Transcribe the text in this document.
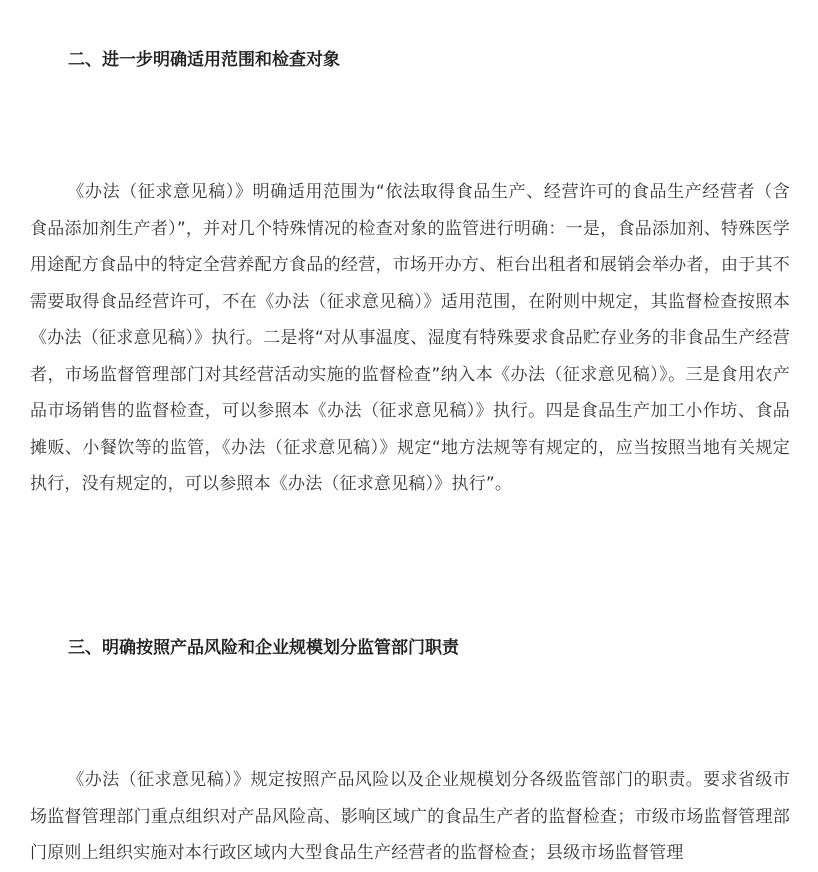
二、进一步明确适用范围和检查对象

《办法（征求意见稿）》明确适用范围为“依法取得食品生产、经营许可的食品生产经营者（含食品添加剂生产者）”，并对几个特殊情况的检查对象的监管进行明确：一是，食品添加剂、特殊医学用途配方食品中的特定全营养配方食品的经营，市场开办方、柜台出租者和展销会举办者，由于其不需要取得食品经营许可，不在《办法（征求意见稿）》适用范围，在附则中规定，其监督检查按照本《办法（征求意见稿）》执行。二是将“对从事温度、湿度有特殊要求食品贮存业务的非食品生产经营者，市场监督管理部门对其经营活动实施的监督检查”纳入本《办法（征求意见稿）》。三是食用农产品市场销售的监督检查，可以参照本《办法（征求意见稿）》执行。四是食品生产加工小作坊、食品摊贩、小餐饮等的监管，《办法（征求意见稿）》规定“地方法规等有规定的，应当按照当地有关规定执行，没有规定的，可以参照本《办法（征求意见稿）》执行”。

三、明确按照产品风险和企业规模划分监管部门职责

《办法（征求意见稿）》规定按照产品风险以及企业规模划分各级监管部门的职责。要求省级市场监督管理部门重点组织对产品风险高、影响区域广的食品生产者的监督检查；市级市场监督管理部门原则上组织实施对本行政区域内大型食品生产经营者的监督检查；县级市场监督管理
